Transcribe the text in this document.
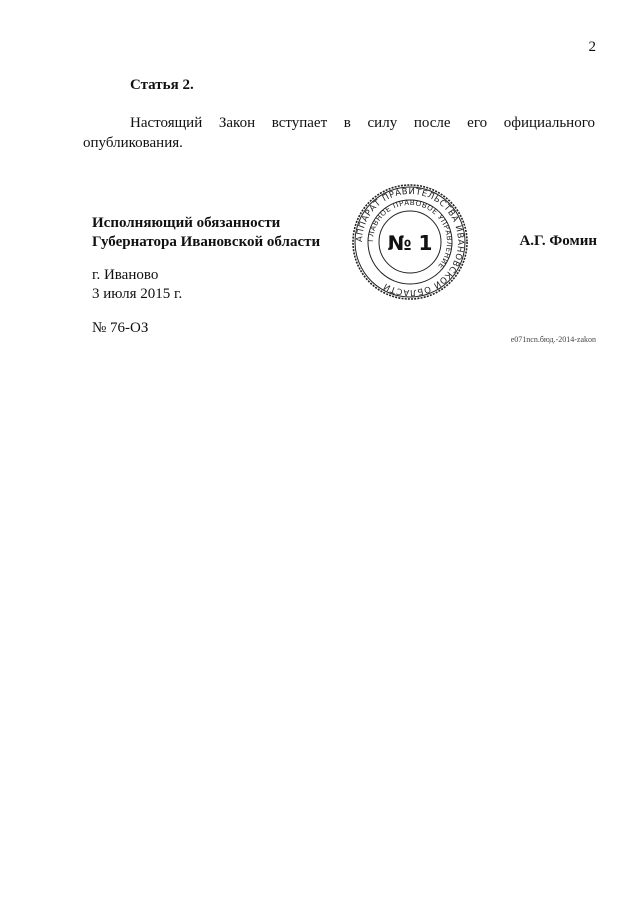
2
Статья 2.
Настоящий Закон вступает в силу после его официального
опубликования.
Исполняющий обязанности
Губернатора Ивановской области	АППАРАТ ПРАВИТЕЛЬСТВА ИВАНОВСКОЙ ОБЛАСТИ
ГЛАВНОЕ ПРАВОВОЕ УПРАВЛЕНИЕ
№ 1	А.Г. Фомин
г. Иваново
3 июля 2015 г.
№ 76-ОЗ
e071ncn.бюд.-2014-zakon
